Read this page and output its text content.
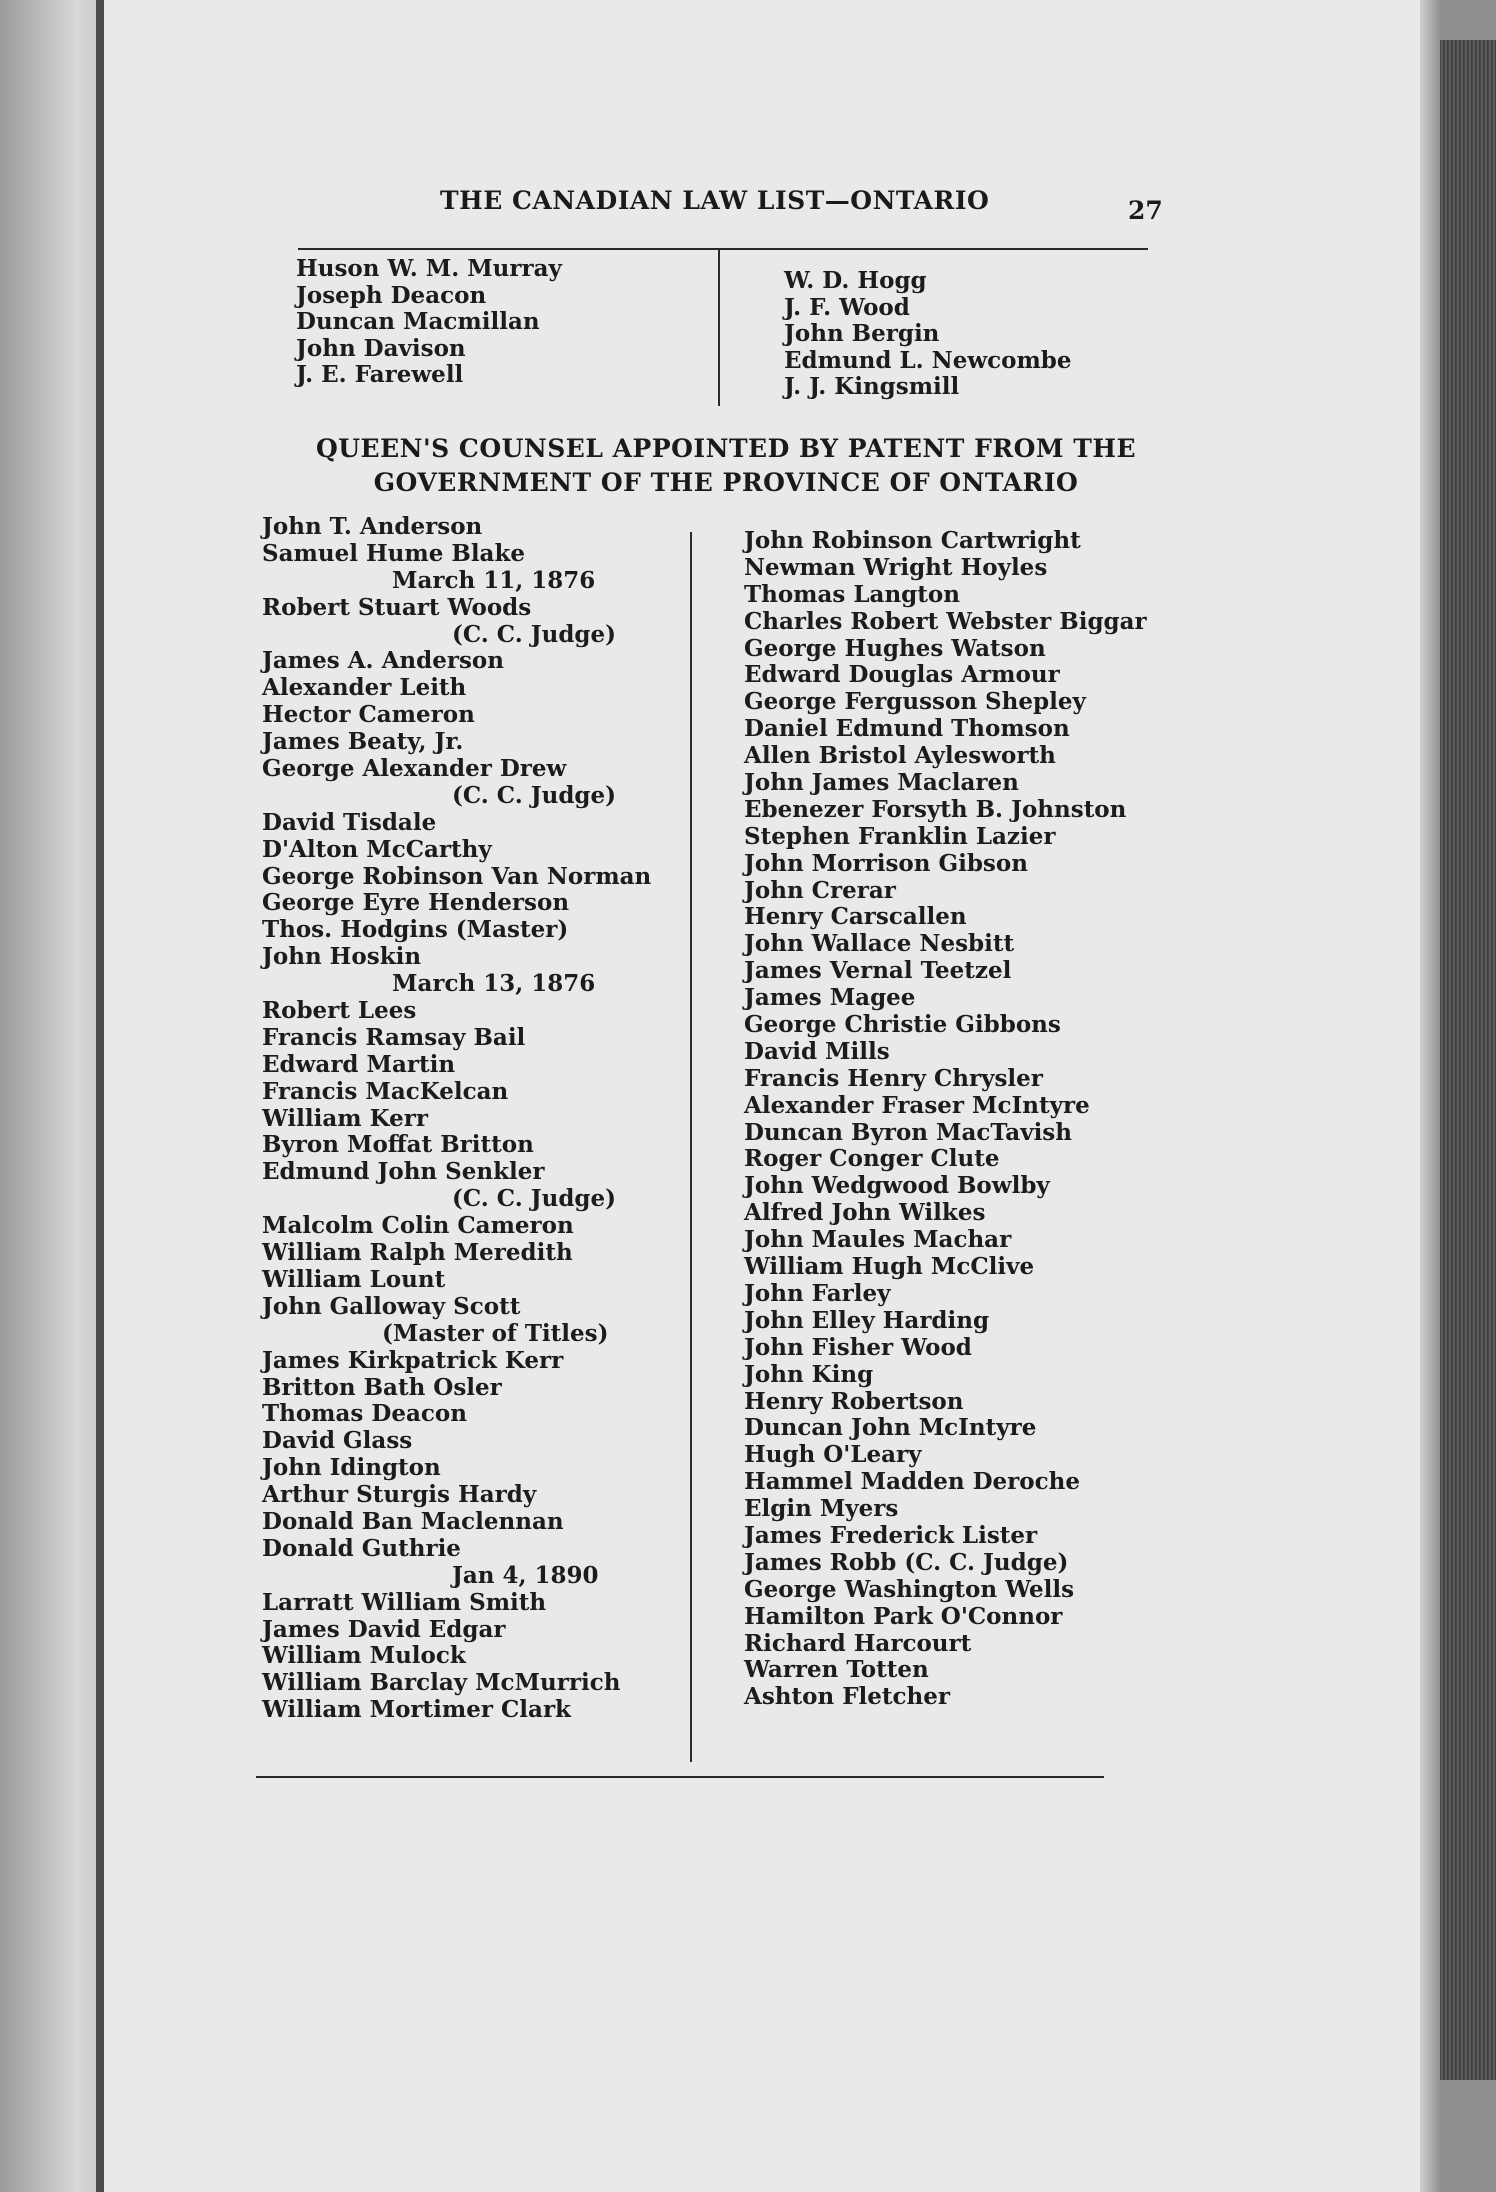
THE CANADIAN LAW LIST—ONTARIO	27
Huson W. M. Murray
Joseph Deacon
Duncan Macmillan
John Davison
J. E. Farewell
W. D. Hogg
J. F. Wood
John Bergin
Edmund L. Newcombe
J. J. Kingsmill
QUEEN'S COUNSEL APPOINTED BY PATENT FROM THE
GOVERNMENT OF THE PROVINCE OF ONTARIO
John T. Anderson
Samuel Hume Blake
March 11, 1876
Robert Stuart Woods
(C. C. Judge)
James A. Anderson
Alexander Leith
Hector Cameron
James Beaty, Jr.
George Alexander Drew
(C. C. Judge)
David Tisdale
D'Alton McCarthy
George Robinson Van Norman
George Eyre Henderson
Thos. Hodgins (Master)
John Hoskin
March 13, 1876
Robert Lees
Francis Ramsay Bail
Edward Martin
Francis MacKelcan
William Kerr
Byron Moffat Britton
Edmund John Senkler
(C. C. Judge)
Malcolm Colin Cameron
William Ralph Meredith
William Lount
John Galloway Scott
(Master of Titles)
James Kirkpatrick Kerr
Britton Bath Osler
Thomas Deacon
David Glass
John Idington
Arthur Sturgis Hardy
Donald Ban Maclennan
Donald Guthrie
Jan 4, 1890
Larratt William Smith
James David Edgar
William Mulock
William Barclay McMurrich
William Mortimer Clark
John Robinson Cartwright
Newman Wright Hoyles
Thomas Langton
Charles Robert Webster Biggar
George Hughes Watson
Edward Douglas Armour
George Fergusson Shepley
Daniel Edmund Thomson
Allen Bristol Aylesworth
John James Maclaren
Ebenezer Forsyth B. Johnston
Stephen Franklin Lazier
John Morrison Gibson
John Crerar
Henry Carscallen
John Wallace Nesbitt
James Vernal Teetzel
James Magee
George Christie Gibbons
David Mills
Francis Henry Chrysler
Alexander Fraser McIntyre
Duncan Byron MacTavish
Roger Conger Clute
John Wedgwood Bowlby
Alfred John Wilkes
John Maules Machar
William Hugh McClive
John Farley
John Elley Harding
John Fisher Wood
John King
Henry Robertson
Duncan John McIntyre
Hugh O'Leary
Hammel Madden Deroche
Elgin Myers
James Frederick Lister
James Robb (C. C. Judge)
George Washington Wells
Hamilton Park O'Connor
Richard Harcourt
Warren Totten
Ashton Fletcher
